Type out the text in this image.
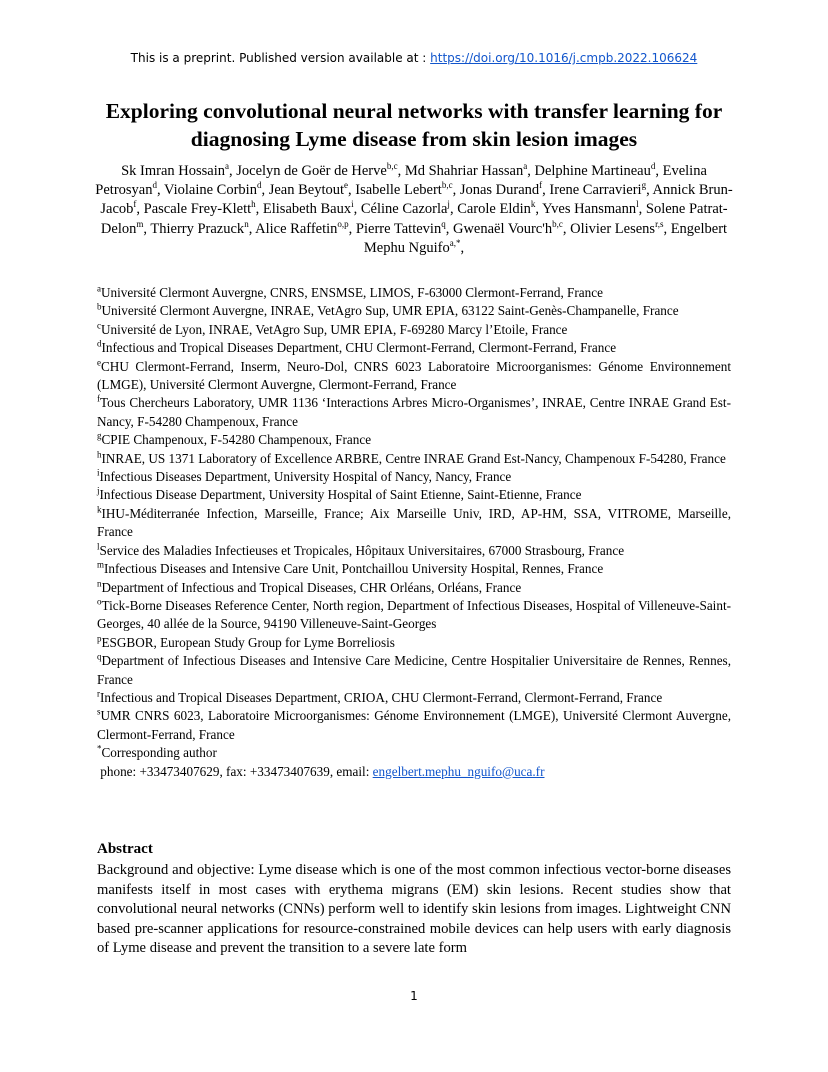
This is a preprint. Published version available at : https://doi.org/10.1016/j.cmpb.2022.106624
Exploring convolutional neural networks with transfer learning for diagnosing Lyme disease from skin lesion images
Sk Imran Hossain$^a$, Jocelyn de Goër de Herve$^{b,c}$, Md Shahriar Hassan$^a$, Delphine Martineau$^d$, Evelina Petrosyan$^d$, Violaine Corbin$^d$, Jean Beytout$^e$, Isabelle Lebert$^{b,c}$, Jonas Durand$^f$, Irene Carravieri$^g$, Annick Brun-Jacob$^f$, Pascale Frey-Klett$^h$, Elisabeth Baux$^i$, Céline Cazorla$^j$, Carole Eldin$^k$, Yves Hansmann$^l$, Solene Patrat-Delon$^m$, Thierry Prazuck$^n$, Alice Raffetin$^{o,p}$, Pierre Tattevin$^q$, Gwenaël $Vourc'h^{b,c}$, Olivier Lesens$^{r,s}$, Engelbert Mephu Nguifo$^{a,*}$,

$^a$Université Clermont Auvergne, CNRS, ENSMSE, LIMOS, F-63000 Clermont-Ferrand, France

$^b$Université Clermont Auvergne, INRAE, VetAgro Sup, UMR EPIA, 63122 Saint-Genès-Champanelle, France

$^c$Université de Lyon, INRAE, VetAgro Sup, UMR EPIA, F-69280 Marcy l’Etoile, France

$^d$Infectious and Tropical Diseases Department, CHU Clermont-Ferrand, Clermont-Ferrand, France

$^e$CHU Clermont-Ferrand, Inserm, Neuro-Dol, CNRS 6023 Laboratoire Microorganismes: Génome Environnement (LMGE), Université Clermont Auvergne, Clermont-Ferrand, France

$^f$Tous Chercheurs Laboratory, UMR 1136 ‘Interactions Arbres Micro-Organismes’, INRAE, Centre INRAE Grand Est-Nancy, F-54280 Champenoux, France

$^g$CPIE Champenoux, F-54280 Champenoux, France

$^h$INRAE, US 1371 Laboratory of Excellence ARBRE, Centre INRAE Grand Est-Nancy, Champenoux F-54280, France

$^i$Infectious Diseases Department, University Hospital of Nancy, Nancy, France

$^j$Infectious Disease Department, University Hospital of Saint Etienne, Saint-Etienne, France

$^k$IHU-Méditerranée Infection, Marseille, France; Aix Marseille Univ, IRD, AP-HM, SSA, VITROME, Marseille, France

$^l$Service des Maladies Infectieuses et Tropicales, Hôpitaux Universitaires, 67000 Strasbourg, France

$^m$Infectious Diseases and Intensive Care Unit, Pontchaillou University Hospital, Rennes, France

$^n$Department of Infectious and Tropical Diseases, CHR Orléans, Orléans, France

$^o$Tick-Borne Diseases Reference Center, North region, Department of Infectious Diseases, Hospital of Villeneuve-Saint-Georges, 40 allée de la Source, 94190 Villeneuve-Saint-Georges

$^p$ESGBOR, European Study Group for Lyme Borreliosis

$^q$Department of Infectious Diseases and Intensive Care Medicine, Centre Hospitalier Universitaire de Rennes, Rennes, France

$^r$Infectious and Tropical Diseases Department, CRIOA, CHU Clermont-Ferrand, Clermont-Ferrand, France

$^s$UMR CNRS 6023, Laboratoire Microorganismes: Génome Environnement (LMGE), Université Clermont Auvergne, Clermont-Ferrand, France

*Corresponding author

phone: +33473407629, fax: +33473407639, email: engelbert.mephu_nguifo@uca.fr

Abstract

Background and objective: Lyme disease which is one of the most common infectious vector-borne diseases manifests itself in most cases with erythema migrans (EM) skin lesions. Recent studies show that convolutional neural networks (CNNs) perform well to identify skin lesions from images. Lightweight CNN based pre-scanner applications for resource-constrained mobile devices can help users with early diagnosis of Lyme disease and prevent the transition to a severe late form

1
